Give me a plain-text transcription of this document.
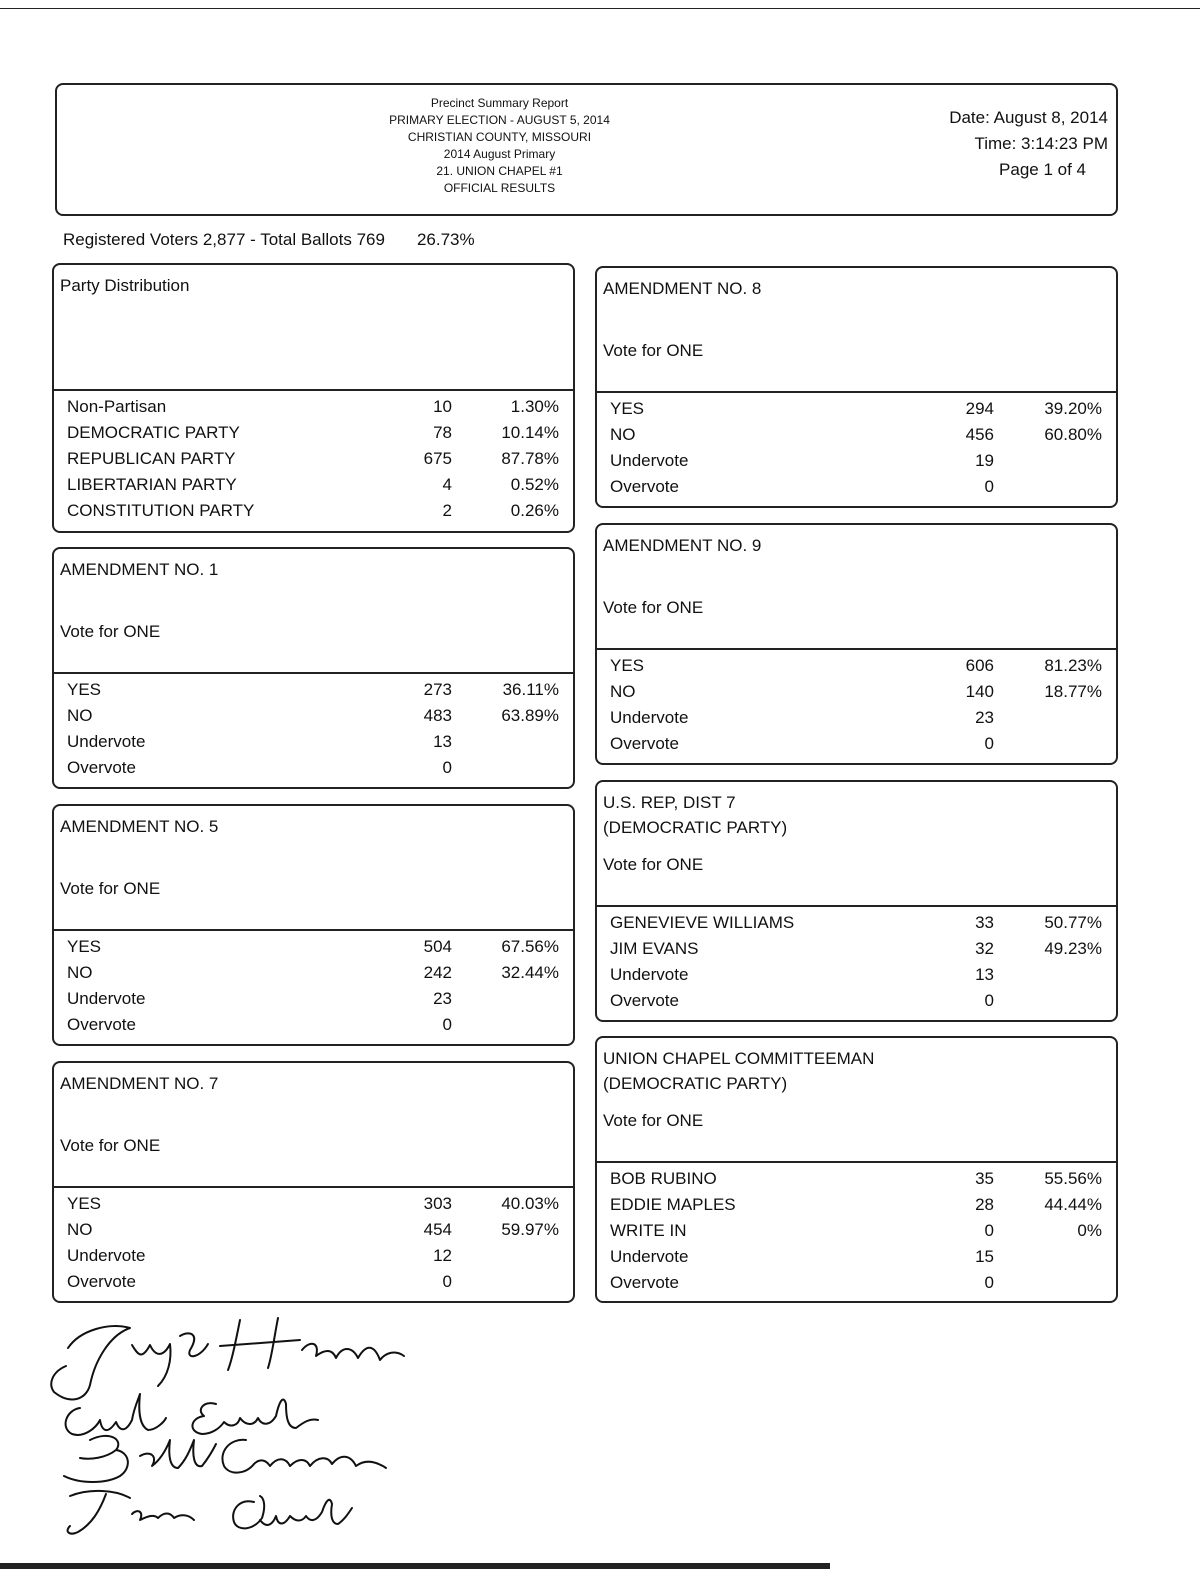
Precinct Summary Report
PRIMARY ELECTION - AUGUST 5, 2014
CHRISTIAN COUNTY, MISSOURI
2014 August Primary
21. UNION CHAPEL #1
OFFICIAL RESULTS
Date: August 8, 2014
Time: 3:14:23 PM
Page 1 of 4
Registered Voters 2,877 - Total Ballots 769 26.73%
Party Distribution
Non-Partisan	10	1.30%
DEMOCRATIC PARTY	78	10.14%
REPUBLICAN PARTY	675	87.78%
LIBERTARIAN PARTY	4	0.52%
CONSTITUTION PARTY	2	0.26%
AMENDMENT NO. 1
Vote for ONE
YES	273	36.11%
NO	483	63.89%
Undervote	13
Overvote	0
AMENDMENT NO. 5
Vote for ONE
YES	504	67.56%
NO	242	32.44%
Undervote	23
Overvote	0
AMENDMENT NO. 7
Vote for ONE
YES	303	40.03%
NO	454	59.97%
Undervote	12
Overvote	0
AMENDMENT NO. 8
Vote for ONE
YES	294	39.20%
NO	456	60.80%
Undervote	19
Overvote	0
AMENDMENT NO. 9
Vote for ONE
YES	606	81.23%
NO	140	18.77%
Undervote	23
Overvote	0
U.S. REP, DIST 7
(DEMOCRATIC PARTY)
Vote for ONE
GENEVIEVE WILLIAMS	33	50.77%
JIM EVANS	32	49.23%
Undervote	13
Overvote	0
UNION CHAPEL COMMITTEEMAN
(DEMOCRATIC PARTY)
Vote for ONE
BOB RUBINO	35	55.56%
EDDIE MAPLES	28	44.44%
WRITE IN	0	0%
Undervote	15
Overvote	0
